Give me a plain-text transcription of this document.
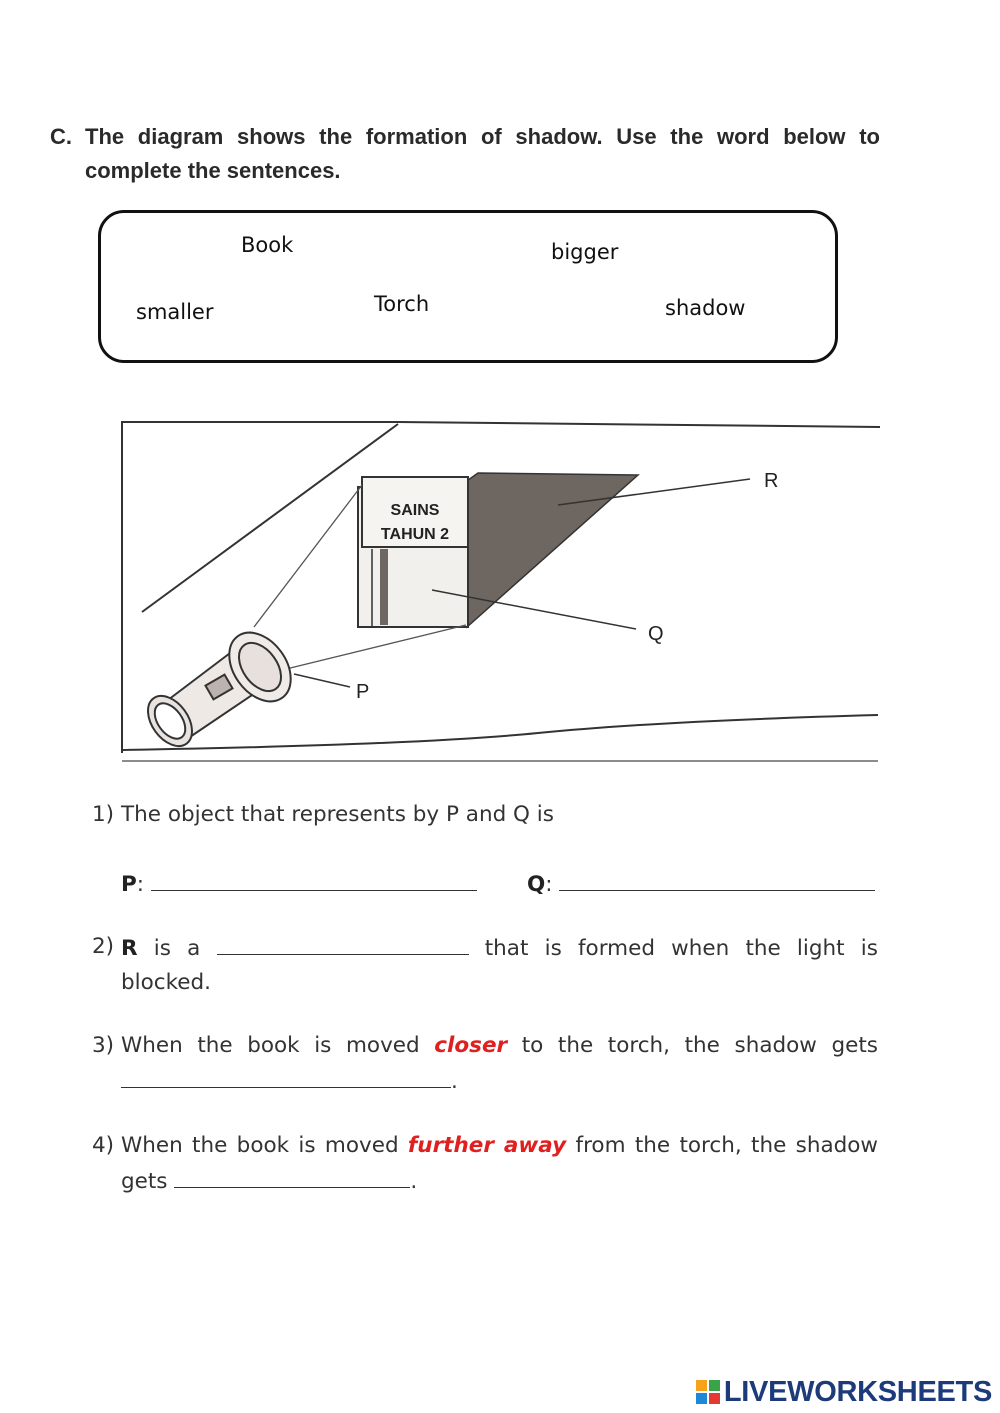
C. The diagram shows the formation of shadow. Use the word below to complete the sentences.
Book	bigger
smaller	Torch	shadow
SAINS
TAHUN 2
R
Q
P
1) The object that represents by P and Q is
P:	Q:
2) R is a	that is formed when the light is
blocked.
3) When the book is moved closer to the torch, the shadow gets
.
4) When the book is moved further away from the torch, the shadow
gets	.
LIVEWORKSHEETS
